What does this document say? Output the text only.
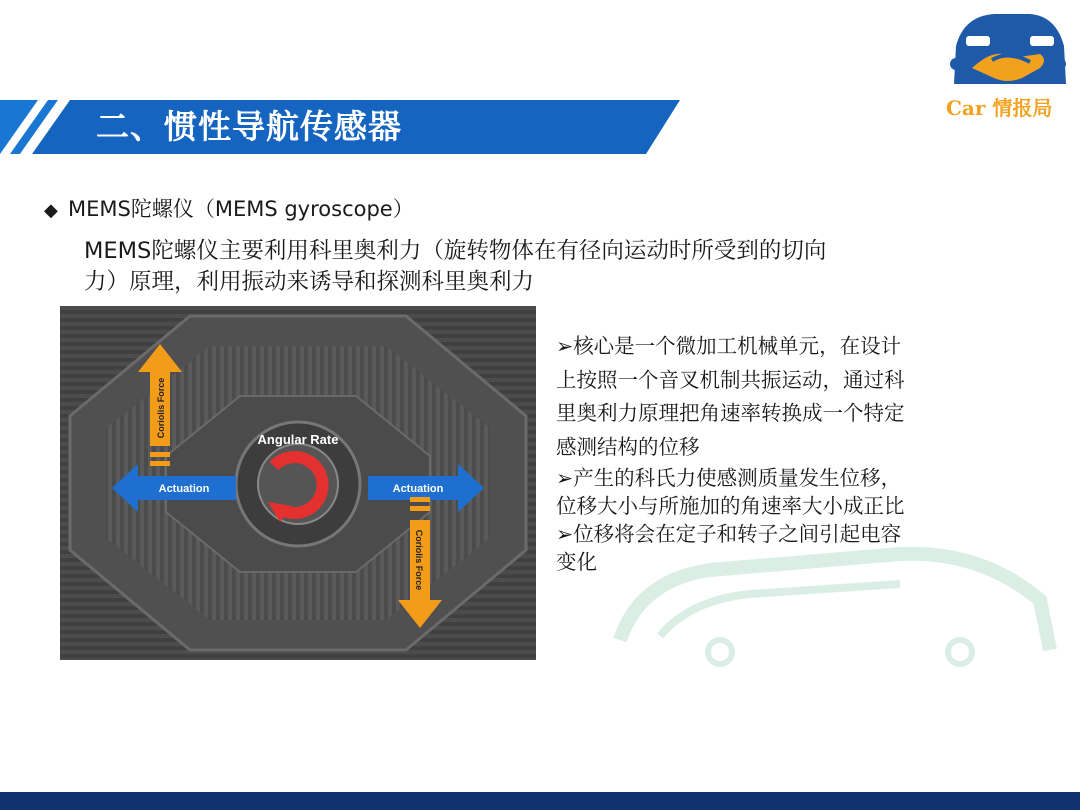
二、惯性导航传感器	Car 情报局
◆ MEMS陀螺仪（MEMS gyroscope）
MEMS陀螺仪主要利用科里奥利力（旋转物体在有径向运动时所受到的切向
力）原理，利用振动来诱导和探测科里奥利力
Angular Rate
Actuation	Actuation
Coriolis Force
Coriolis Force
➢核心是一个微加工机械单元，在设计
上按照一个音叉机制共振运动，通过科
里奥利力原理把角速率转换成一个特定
感测结构的位移
➢产生的科氏力使感测质量发生位移，
位移大小与所施加的角速率大小成正比
➢位移将会在定子和转子之间引起电容
变化
